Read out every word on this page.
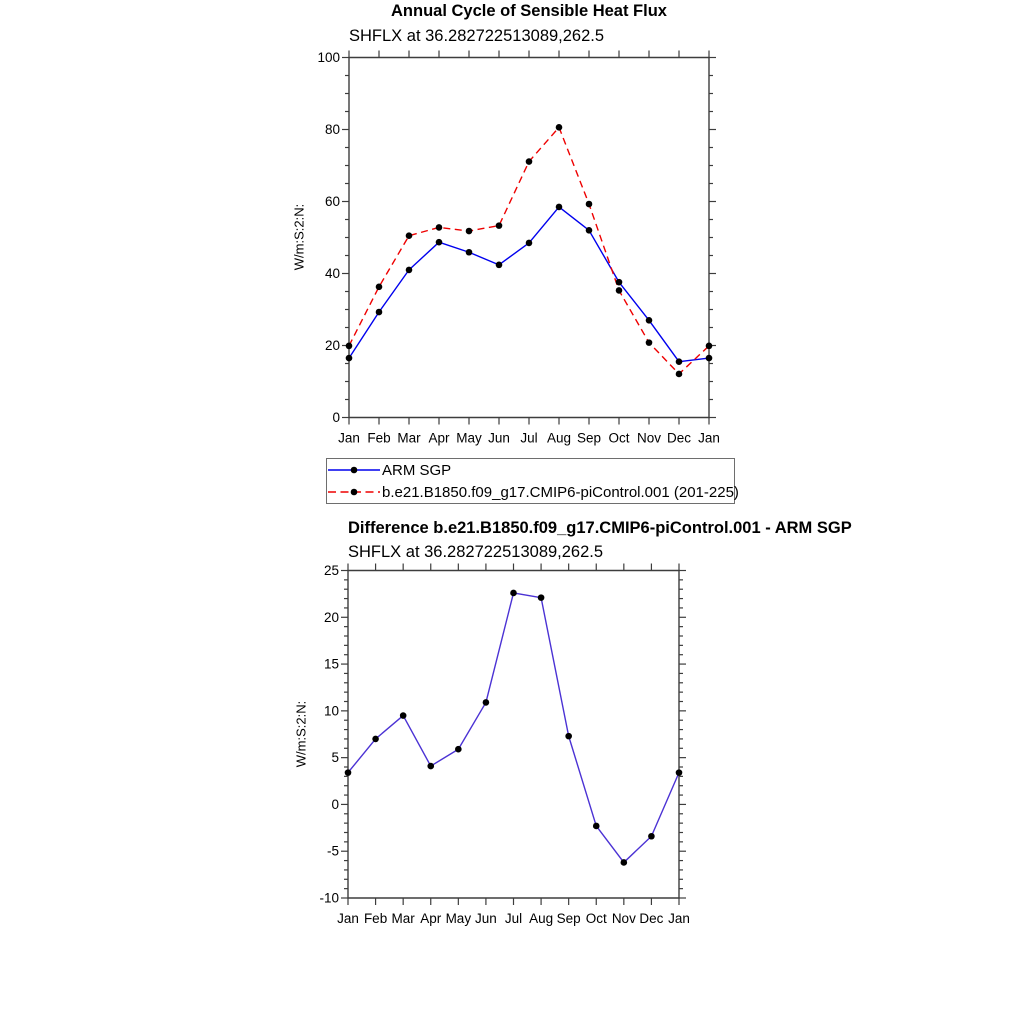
0
20
40
60
80
100
Jan Feb Mar Apr May Jun Jul Aug Sep Oct Nov Dec Jan
-10
-5
0
5
10
15
20
25
Jan Feb Mar Apr May Jun Jul Aug Sep Oct Nov Dec Jan
Annual Cycle of Sensible Heat Flux
SHFLX at 36.282722513089,262.5
W/m:S:2:N:
ARM SGP
b.e21.B1850.f09_g17.CMIP6-piControl.001 (201-225)
Difference b.e21.B1850.f09_g17.CMIP6-piControl.001 - ARM SGP
SHFLX at 36.282722513089,262.5
W/m:S:2:N:
